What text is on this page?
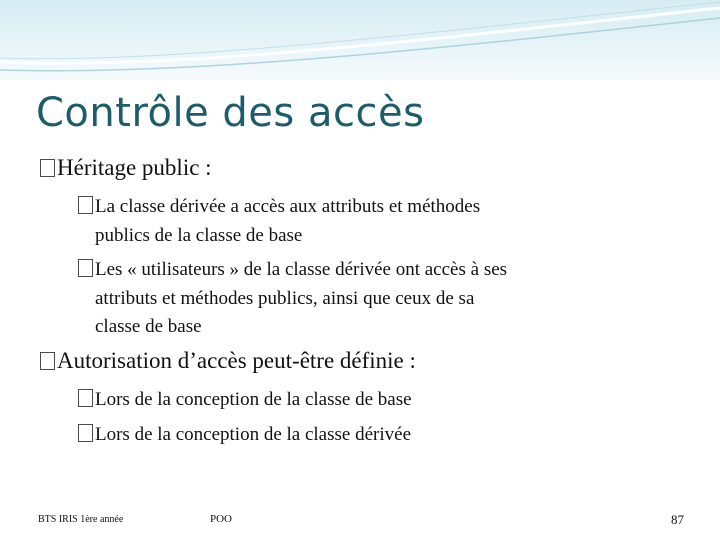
Contrôle des accès
Héritage public :
La classe dérivée a accès aux attributs et méthodes
publics de la classe de base
Les « utilisateurs » de la classe dérivée ont accès à ses
attributs et méthodes publics, ainsi que ceux de sa
classe de base
Autorisation d’accès peut-être définie :
Lors de la conception de la classe de base
Lors de la conception de la classe dérivée
BTS IRIS 1ère année	POO	87
